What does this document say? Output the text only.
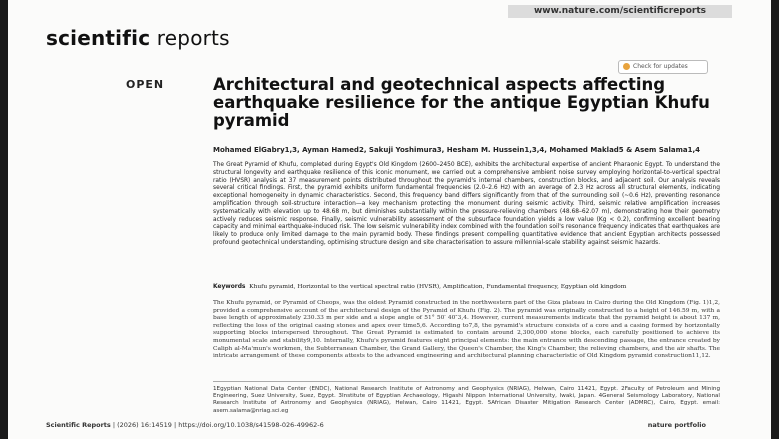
www.nature.com/scientificreports
scientific reports
OPEN
Check for updates
Architectural and geotechnical aspects affecting earthquake resilience for the antique Egyptian Khufu pyramid
Mohamed ElGabry1,3, Ayman Hamed2, Sakuji Yoshimura3, Hesham M. Hussein1,3,4, Mohamed Maklad5 & Asem Salama1,4
The Great Pyramid of Khufu, completed during Egypt's Old Kingdom (2600–2450 BCE), exhibits the architectural expertise of ancient Pharaonic Egypt. To understand the structural longevity and earthquake resilience of this iconic monument, we carried out a comprehensive ambient noise survey employing horizontal-to-vertical spectral ratio (HVSR) analysis at 37 measurement points distributed throughout the pyramid's internal chambers, construction blocks, and adjacent soil. Our analysis reveals several critical findings. First, the pyramid exhibits uniform fundamental frequencies (2.0–2.6 Hz) with an average of 2.3 Hz across all structural elements, indicating exceptional homogeneity in dynamic characteristics. Second, this frequency band differs significantly from that of the surrounding soil (~0.6 Hz), preventing resonance amplification through soil-structure interaction—a key mechanism protecting the monument during seismic activity. Third, seismic relative amplification increases systematically with elevation up to 48.68 m, but diminishes substantially within the pressure-relieving chambers (48.68–62.07 m), demonstrating how their geometry actively reduces seismic response. Finally, seismic vulnerability assessment of the subsurface foundation yields a low value (Kg < 0.2), confirming excellent bearing capacity and minimal earthquake-induced risk. The low seismic vulnerability index combined with the foundation soil's resonance frequency indicates that earthquakes are likely to produce only limited damage to the main pyramid body. These findings present compelling quantitative evidence that ancient Egyptian architects possessed profound geotechnical understanding, optimising structure design and site characterisation to assure millennial-scale stability against seismic hazards.
Keywords Khufu pyramid, Horizontal to the vertical spectral ratio (HVSR), Amplification, Fundamental frequency, Egyptian old kingdom
The Khufu pyramid, or Pyramid of Cheops, was the oldest Pyramid constructed in the northwestern part of the Giza plateau in Cairo during the Old Kingdom (Fig. 1)1,2, provided a comprehensive account of the architectural design of the Pyramid of Khufu (Fig. 2). The pyramid was originally constructed to a height of 146.59 m, with a base length of approximately 230.33 m per side and a slope angle of 51° 50′ 40″3,4. However, current measurements indicate that the pyramid height is about 137 m, reflecting the loss of the original casing stones and apex over time5,6. According to7,8, the pyramid's structure consists of a core and a casing formed by horizontally supporting blocks interspersed throughout. The Great Pyramid is estimated to contain around 2,300,000 stone blocks, each carefully positioned to achieve its monumental scale and stability9,10. Internally, Khufu's pyramid features eight principal elements: the main entrance with descending passage, the entrance created by Caliph al-Ma'mun's workmen, the Subterranean Chamber, the Grand Gallery, the Queen's Chamber, the King's Chamber, the relieving chambers, and the air shafts. The intricate arrangement of these components attests to the advanced engineering and architectural planning characteristic of Old Kingdom pyramid construction11,12.
1Egyptian National Data Center (ENDC), National Research Institute of Astronomy and Geophysics (NRIAG), Helwan, Cairo 11421, Egypt. 2Faculty of Petroleum and Mining Engineering, Suez University, Suez, Egypt. 3Institute of Egyptian Archaeology, Higashi Nippon International University, Iwaki, Japan. 4General Seismology Laboratory, National Research Institute of Astronomy and Geophysics (NRIAG), Helwan, Cairo 11421, Egypt. 5African Disaster Mitigation Research Center (ADMRC), Cairo, Egypt. email: asem.salama@nriag.sci.eg
Scientific Reports | (2026) 16:14519 | https://doi.org/10.1038/s41598-026-49962-6	nature portfolio
